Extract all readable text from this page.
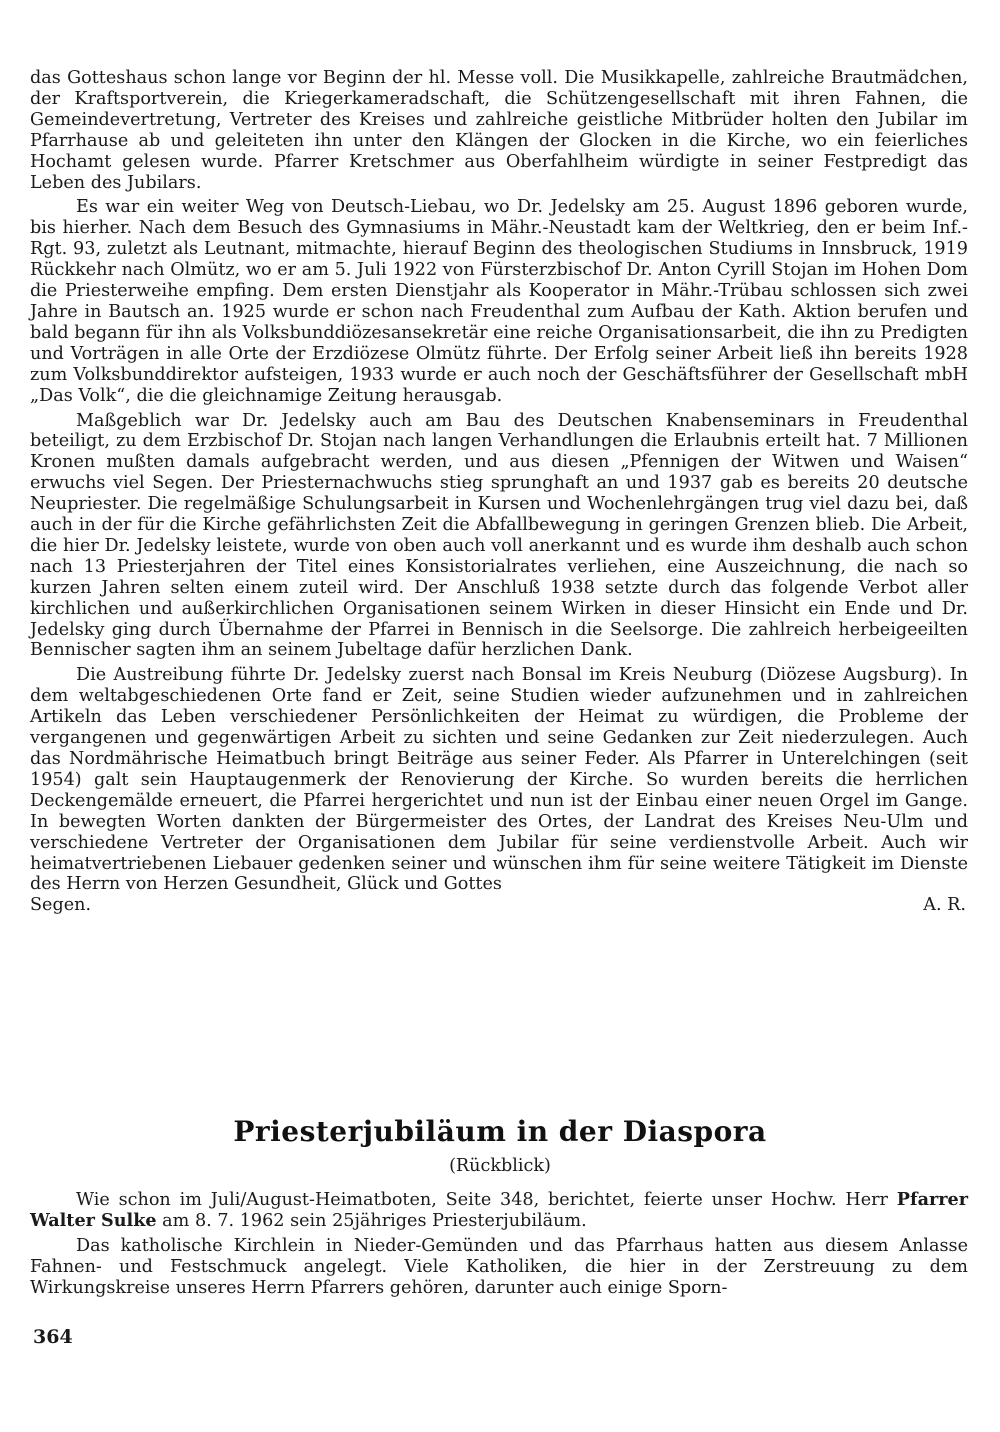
das Gotteshaus schon lange vor Beginn der hl. Messe voll. Die Musikkapelle, zahlreiche Brautmädchen, der Kraftsportverein, die Kriegerkameradschaft, die Schützengesellschaft mit ihren Fahnen, die Gemeindevertretung, Vertreter des Kreises und zahlreiche geistliche Mitbrüder holten den Jubilar im Pfarrhause ab und geleiteten ihn unter den Klängen der Glocken in die Kirche, wo ein feierliches Hochamt gelesen wurde. Pfarrer Kretschmer aus Oberfahlheim würdigte in seiner Festpredigt das Leben des Jubilars.

Es war ein weiter Weg von Deutsch-Liebau, wo Dr. Jedelsky am 25. August 1896 geboren wurde, bis hierher. Nach dem Besuch des Gymnasiums in Mähr.-Neustadt kam der Weltkrieg, den er beim Inf.-Rgt. 93, zuletzt als Leutnant, mitmachte, hierauf Beginn des theologischen Studiums in Innsbruck, 1919 Rückkehr nach Olmütz, wo er am 5. Juli 1922 von Fürsterzbischof Dr. Anton Cyrill Stojan im Hohen Dom die Priesterweihe empfing. Dem ersten Dienstjahr als Kooperator in Mähr.-Trübau schlossen sich zwei Jahre in Bautsch an. 1925 wurde er schon nach Freudenthal zum Aufbau der Kath. Aktion berufen und bald begann für ihn als Volksbunddiözesansekretär eine reiche Organisationsarbeit, die ihn zu Predigten und Vorträgen in alle Orte der Erzdiözese Olmütz führte. Der Erfolg seiner Arbeit ließ ihn bereits 1928 zum Volksbunddirektor aufsteigen, 1933 wurde er auch noch der Geschäftsführer der Gesellschaft mbH „Das Volk“, die die gleichnamige Zeitung herausgab.

Maßgeblich war Dr. Jedelsky auch am Bau des Deutschen Knabenseminars in Freudenthal beteiligt, zu dem Erzbischof Dr. Stojan nach langen Verhandlungen die Erlaubnis erteilt hat. 7 Millionen Kronen mußten damals aufgebracht werden, und aus diesen „Pfennigen der Witwen und Waisen“ erwuchs viel Segen. Der Priesternachwuchs stieg sprunghaft an und 1937 gab es bereits 20 deutsche Neupriester. Die regelmäßige Schulungsarbeit in Kursen und Wochenlehrgängen trug viel dazu bei, daß auch in der für die Kirche gefährlichsten Zeit die Abfallbewegung in geringen Grenzen blieb. Die Arbeit, die hier Dr. Jedelsky leistete, wurde von oben auch voll anerkannt und es wurde ihm deshalb auch schon nach 13 Priesterjahren der Titel eines Konsistorialrates verliehen, eine Auszeichnung, die nach so kurzen Jahren selten einem zuteil wird. Der Anschluß 1938 setzte durch das folgende Verbot aller kirchlichen und außerkirchlichen Organisationen seinem Wirken in dieser Hinsicht ein Ende und Dr. Jedelsky ging durch Übernahme der Pfarrei in Bennisch in die Seelsorge. Die zahlreich herbeigeeilten Bennischer sagten ihm an seinem Jubeltage dafür herzlichen Dank.

Die Austreibung führte Dr. Jedelsky zuerst nach Bonsal im Kreis Neuburg (Diözese Augsburg). In dem weltabgeschiedenen Orte fand er Zeit, seine Studien wieder aufzunehmen und in zahlreichen Artikeln das Leben verschiedener Persönlichkeiten der Heimat zu würdigen, die Probleme der vergangenen und gegenwärtigen Arbeit zu sichten und seine Gedanken zur Zeit niederzulegen. Auch das Nordmährische Heimatbuch bringt Beiträge aus seiner Feder. Als Pfarrer in Unterelchingen (seit 1954) galt sein Hauptaugenmerk der Renovierung der Kirche. So wurden bereits die herrlichen Deckengemälde erneuert, die Pfarrei hergerichtet und nun ist der Einbau einer neuen Orgel im Gange. In bewegten Worten dankten der Bürgermeister des Ortes, der Landrat des Kreises Neu-Ulm und verschiedene Vertreter der Organisationen dem Jubilar für seine verdienstvolle Arbeit. Auch wir heimatvertriebenen Liebauer gedenken seiner und wünschen ihm für seine weitere Tätigkeit im Dienste des Herrn von Herzen Gesundheit, Glück und Gottes

Segen.	A. R.
Priesterjubiläum in der Diaspora
(Rückblick)

Wie schon im Juli/August-Heimatboten, Seite 348, berichtet, feierte unser Hochw. Herr Pfarrer Walter Sulke am 8. 7. 1962 sein 25jähriges Priesterjubiläum.

Das katholische Kirchlein in Nieder-Gemünden und das Pfarrhaus hatten aus diesem Anlasse Fahnen- und Festschmuck angelegt. Viele Katholiken, die hier in der Zerstreuung zu dem Wirkungskreise unseres Herrn Pfarrers gehören, darunter auch einige Sporn-

364
